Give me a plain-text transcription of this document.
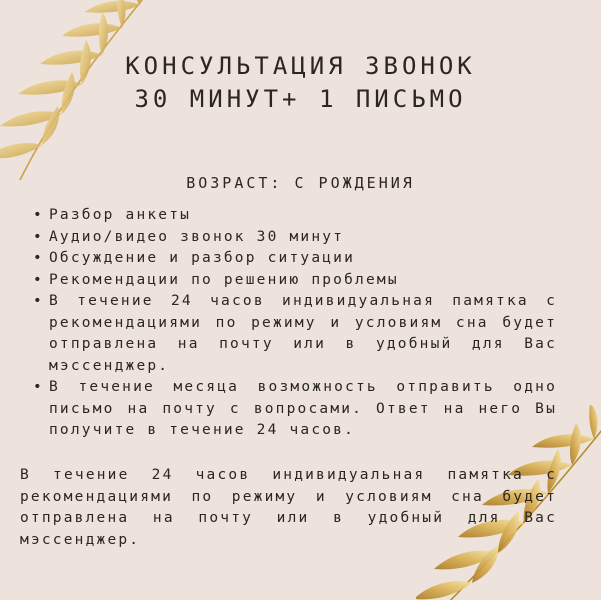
КОНСУЛЬТАЦИЯ ЗВОНОК
30 МИНУТ+ 1 ПИСЬМО

ВОЗРАСТ: С РОЖДЕНИЯ

• Разбор анкеты
• Аудио/видео звонок 30 минут
• Обсуждение и разбор ситуации
• Рекомендации по решению проблемы
• В течение 24 часов индивидуальная памятка с рекомендациями по режиму и условиям сна будет отправлена на почту или в удобный для Вас мэссенджер.
• В течение месяца возможность отправить одно письмо на почту с вопросами. Ответ на него Вы получите в течение 24 часов.

В течение 24 часов индивидуальная памятка с рекомендациями по режиму и условиям сна будет отправлена на почту или в удобный для Вас мэссенджер.
